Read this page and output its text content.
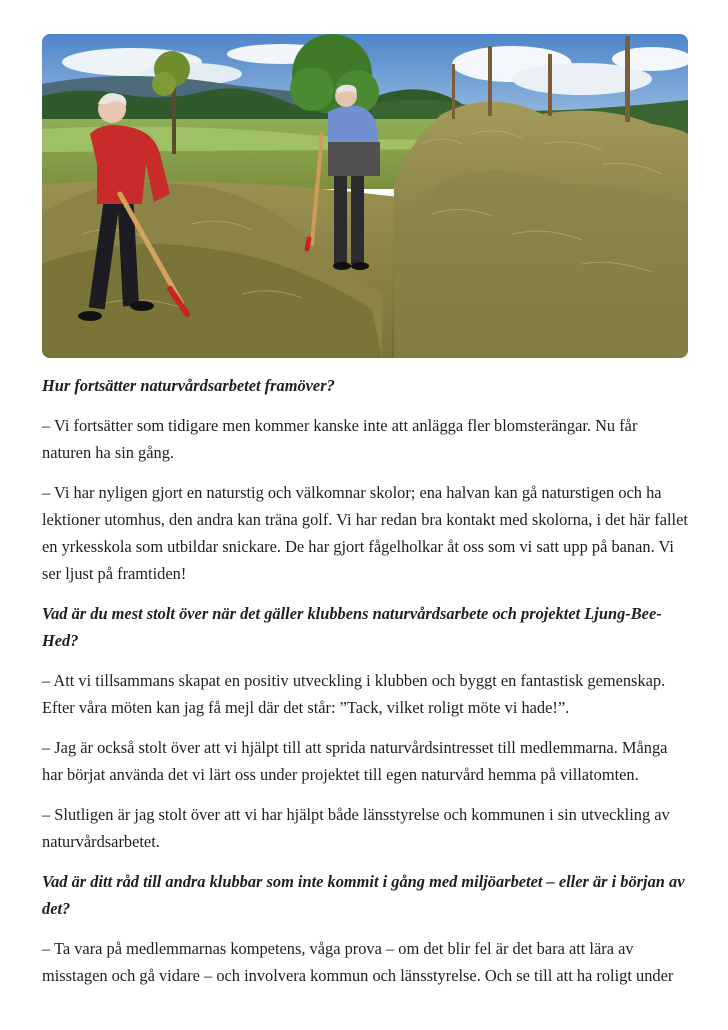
Hur fortsätter naturvårdsarbetet framöver?

– Vi fortsätter som tidigare men kommer kanske inte att anlägga fler blomsterängar. Nu får naturen ha sin gång.

– Vi har nyligen gjort en naturstig och välkomnar skolor; ena halvan kan gå naturstigen och ha lektioner utomhus, den andra kan träna golf. Vi har redan bra kontakt med skolorna, i det här fallet en yrkesskola som utbildar snickare. De har gjort fågelholkar åt oss som vi satt upp på banan. Vi ser ljust på framtiden!

Vad är du mest stolt över när det gäller klubbens naturvårdsarbete och projektet Ljung-Bee-Hed?

– Att vi tillsammans skapat en positiv utveckling i klubben och byggt en fantastisk gemenskap. Efter våra möten kan jag få mejl där det står: ”Tack, vilket roligt möte vi hade!”.

– Jag är också stolt över att vi hjälpt till att sprida naturvårdsintresset till medlemmarna. Många har börjat använda det vi lärt oss under projektet till egen naturvård hemma på villatomten.

– Slutligen är jag stolt över att vi har hjälpt både länsstyrelse och kommunen i sin utveckling av naturvårdsarbetet.

Vad är ditt råd till andra klubbar som inte kommit i gång med miljöarbetet – eller är i början av det?

– Ta vara på medlemmarnas kompetens, våga prova – om det blir fel är det bara att lära av misstagen och gå vidare – och involvera kommun och länsstyrelse. Och se till att ha roligt under
